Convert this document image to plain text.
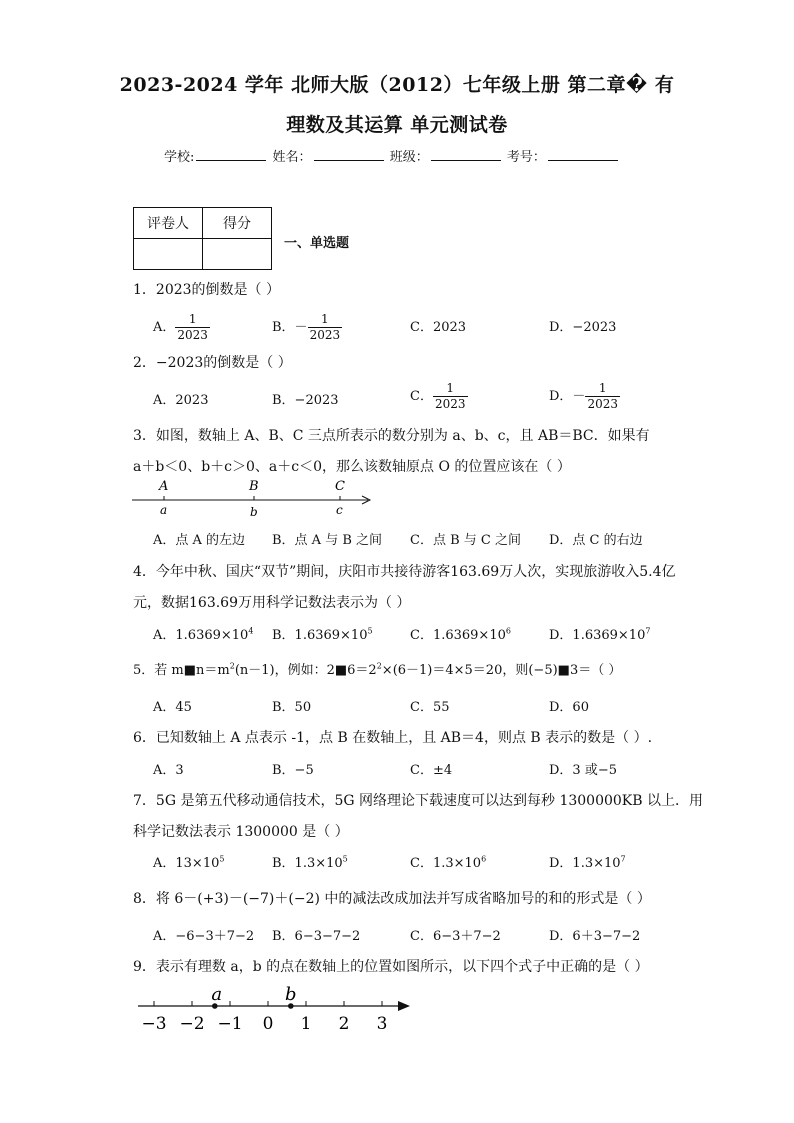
2023-2024 学年 北师大版（2012）七年级上册 第二章� 有
理数及其运算 单元测试卷
学校:	姓名：	班级：	考号：
评卷人	得分

一、单选题
1．2023的倒数是（ ）
A． $\frac{1}{2023}$	B．－ $\frac{1}{2023}$	C．2023	D．−2023
2．−2023的倒数是（ ）
A．2023	B．−2023	C． $\frac{1}{2023}$	D．－ $\frac{1}{2023}$
3．如图，数轴上 A、B、C 三点所表示的数分别为 a、b、c，且 AB＝BC．如果有
a＋b＜0、b＋c＞0、a＋c＜0，那么该数轴原点 O 的位置应该在（ ）
A	B	C
a	b	c
A．点 A 的左边 B．点 A 与 B 之间 C．点 B 与 C 之间 D．点 C 的右边
4．今年中秋、国庆“双节”期间，庆阳市共接待游客163.69万人次，实现旅游收入5.4亿
元，数据163.69万用科学记数法表示为（ ）
A．$1.6369\times 10^4$ B．$1.6369\times 10^5$	C．$1.6369\times 10^6$	D．$1.6369\times 10^7$
5．若 $m■n=m^2(n-1)$，例如：$2■6=2^2\times(6-1)=4\times 5=20$，则(−5)■3＝（ ）
A．45	B．50	C．55	D．60
6．已知数轴上 A 点表示 -1，点 B 在数轴上，且 AB＝4，则点 B 表示的数是（ ）.
A．3	B．−5	C．±4	D．3 或−5
7．5G 是第五代移动通信技术，5G 网络理论下载速度可以达到每秒 1300000KB 以上．用
科学记数法表示 1300000 是（ ）
A．$13\times 10^5$	B．$1.3\times 10^5$	C．$1.3\times 10^6$	D．$1.3\times 10^7$
8．将 6－(+3)－(−7)＋(−2) 中的减法改成加法并写成省略加号的和的形式是（ ）
A．−6−3＋7−2 B．6−3−7−2	C．6−3＋7−2	D．6＋3−7−2
9．表示有理数 a，b 的点在数轴上的位置如图所示，以下四个式子中正确的是（ ）
−3 −2 −1 0 1 2 3
a	b
